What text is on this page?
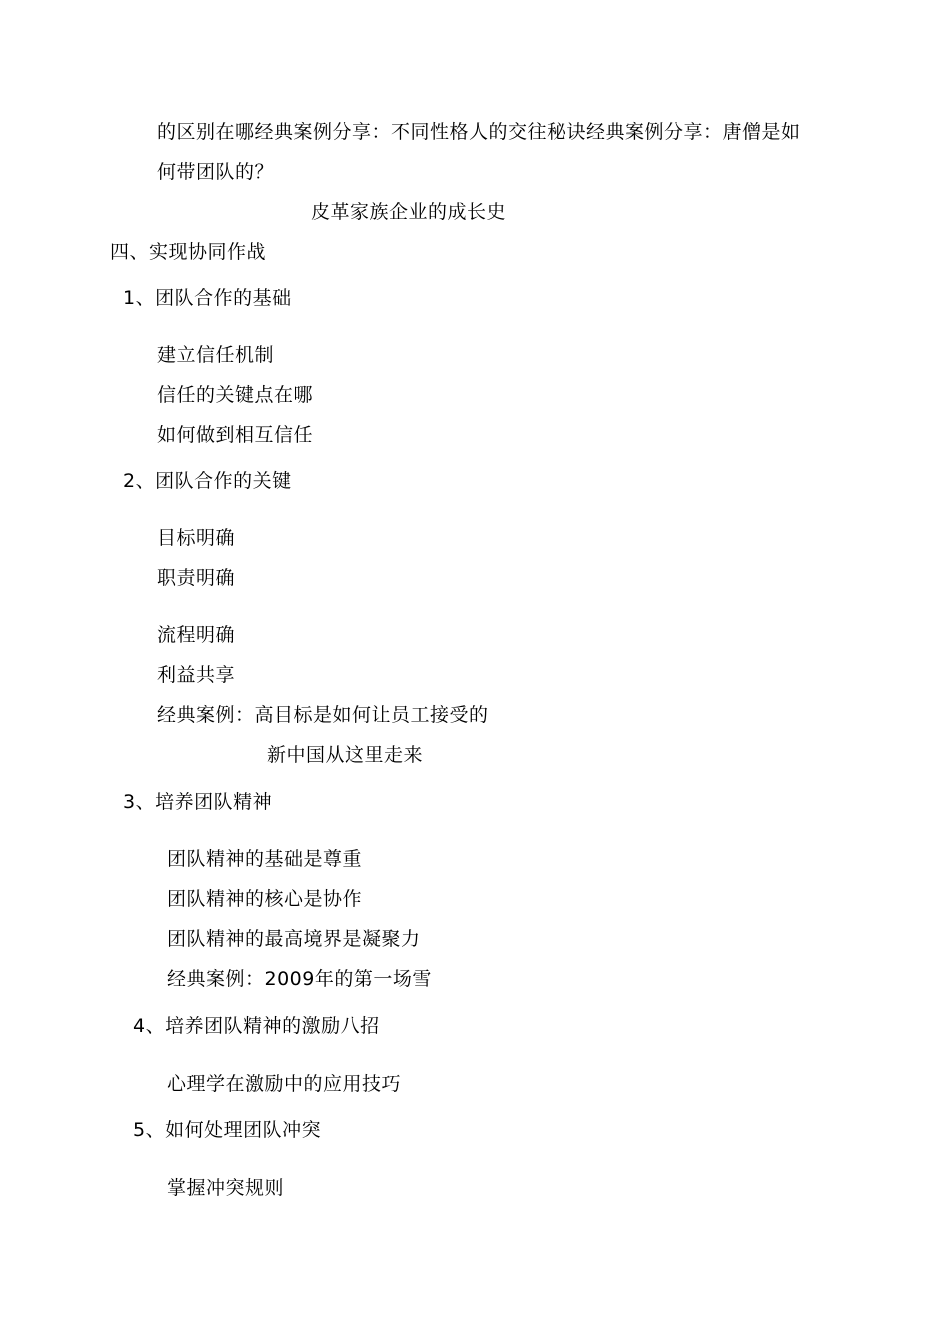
的区别在哪经典案例分享：不同性格人的交往秘诀经典案例分享：唐僧是如
何带团队的？
皮革家族企业的成长史
四、实现协同作战
1、团队合作的基础
建立信任机制
信任的关键点在哪
如何做到相互信任
2、团队合作的关键
目标明确
职责明确
流程明确
利益共享
经典案例：高目标是如何让员工接受的
新中国从这里走来
3、培养团队精神
团队精神的基础是尊重
团队精神的核心是协作
团队精神的最高境界是凝聚力
经典案例：2009年的第一场雪
4、培养团队精神的激励八招
心理学在激励中的应用技巧
5、如何处理团队冲突
掌握冲突规则
